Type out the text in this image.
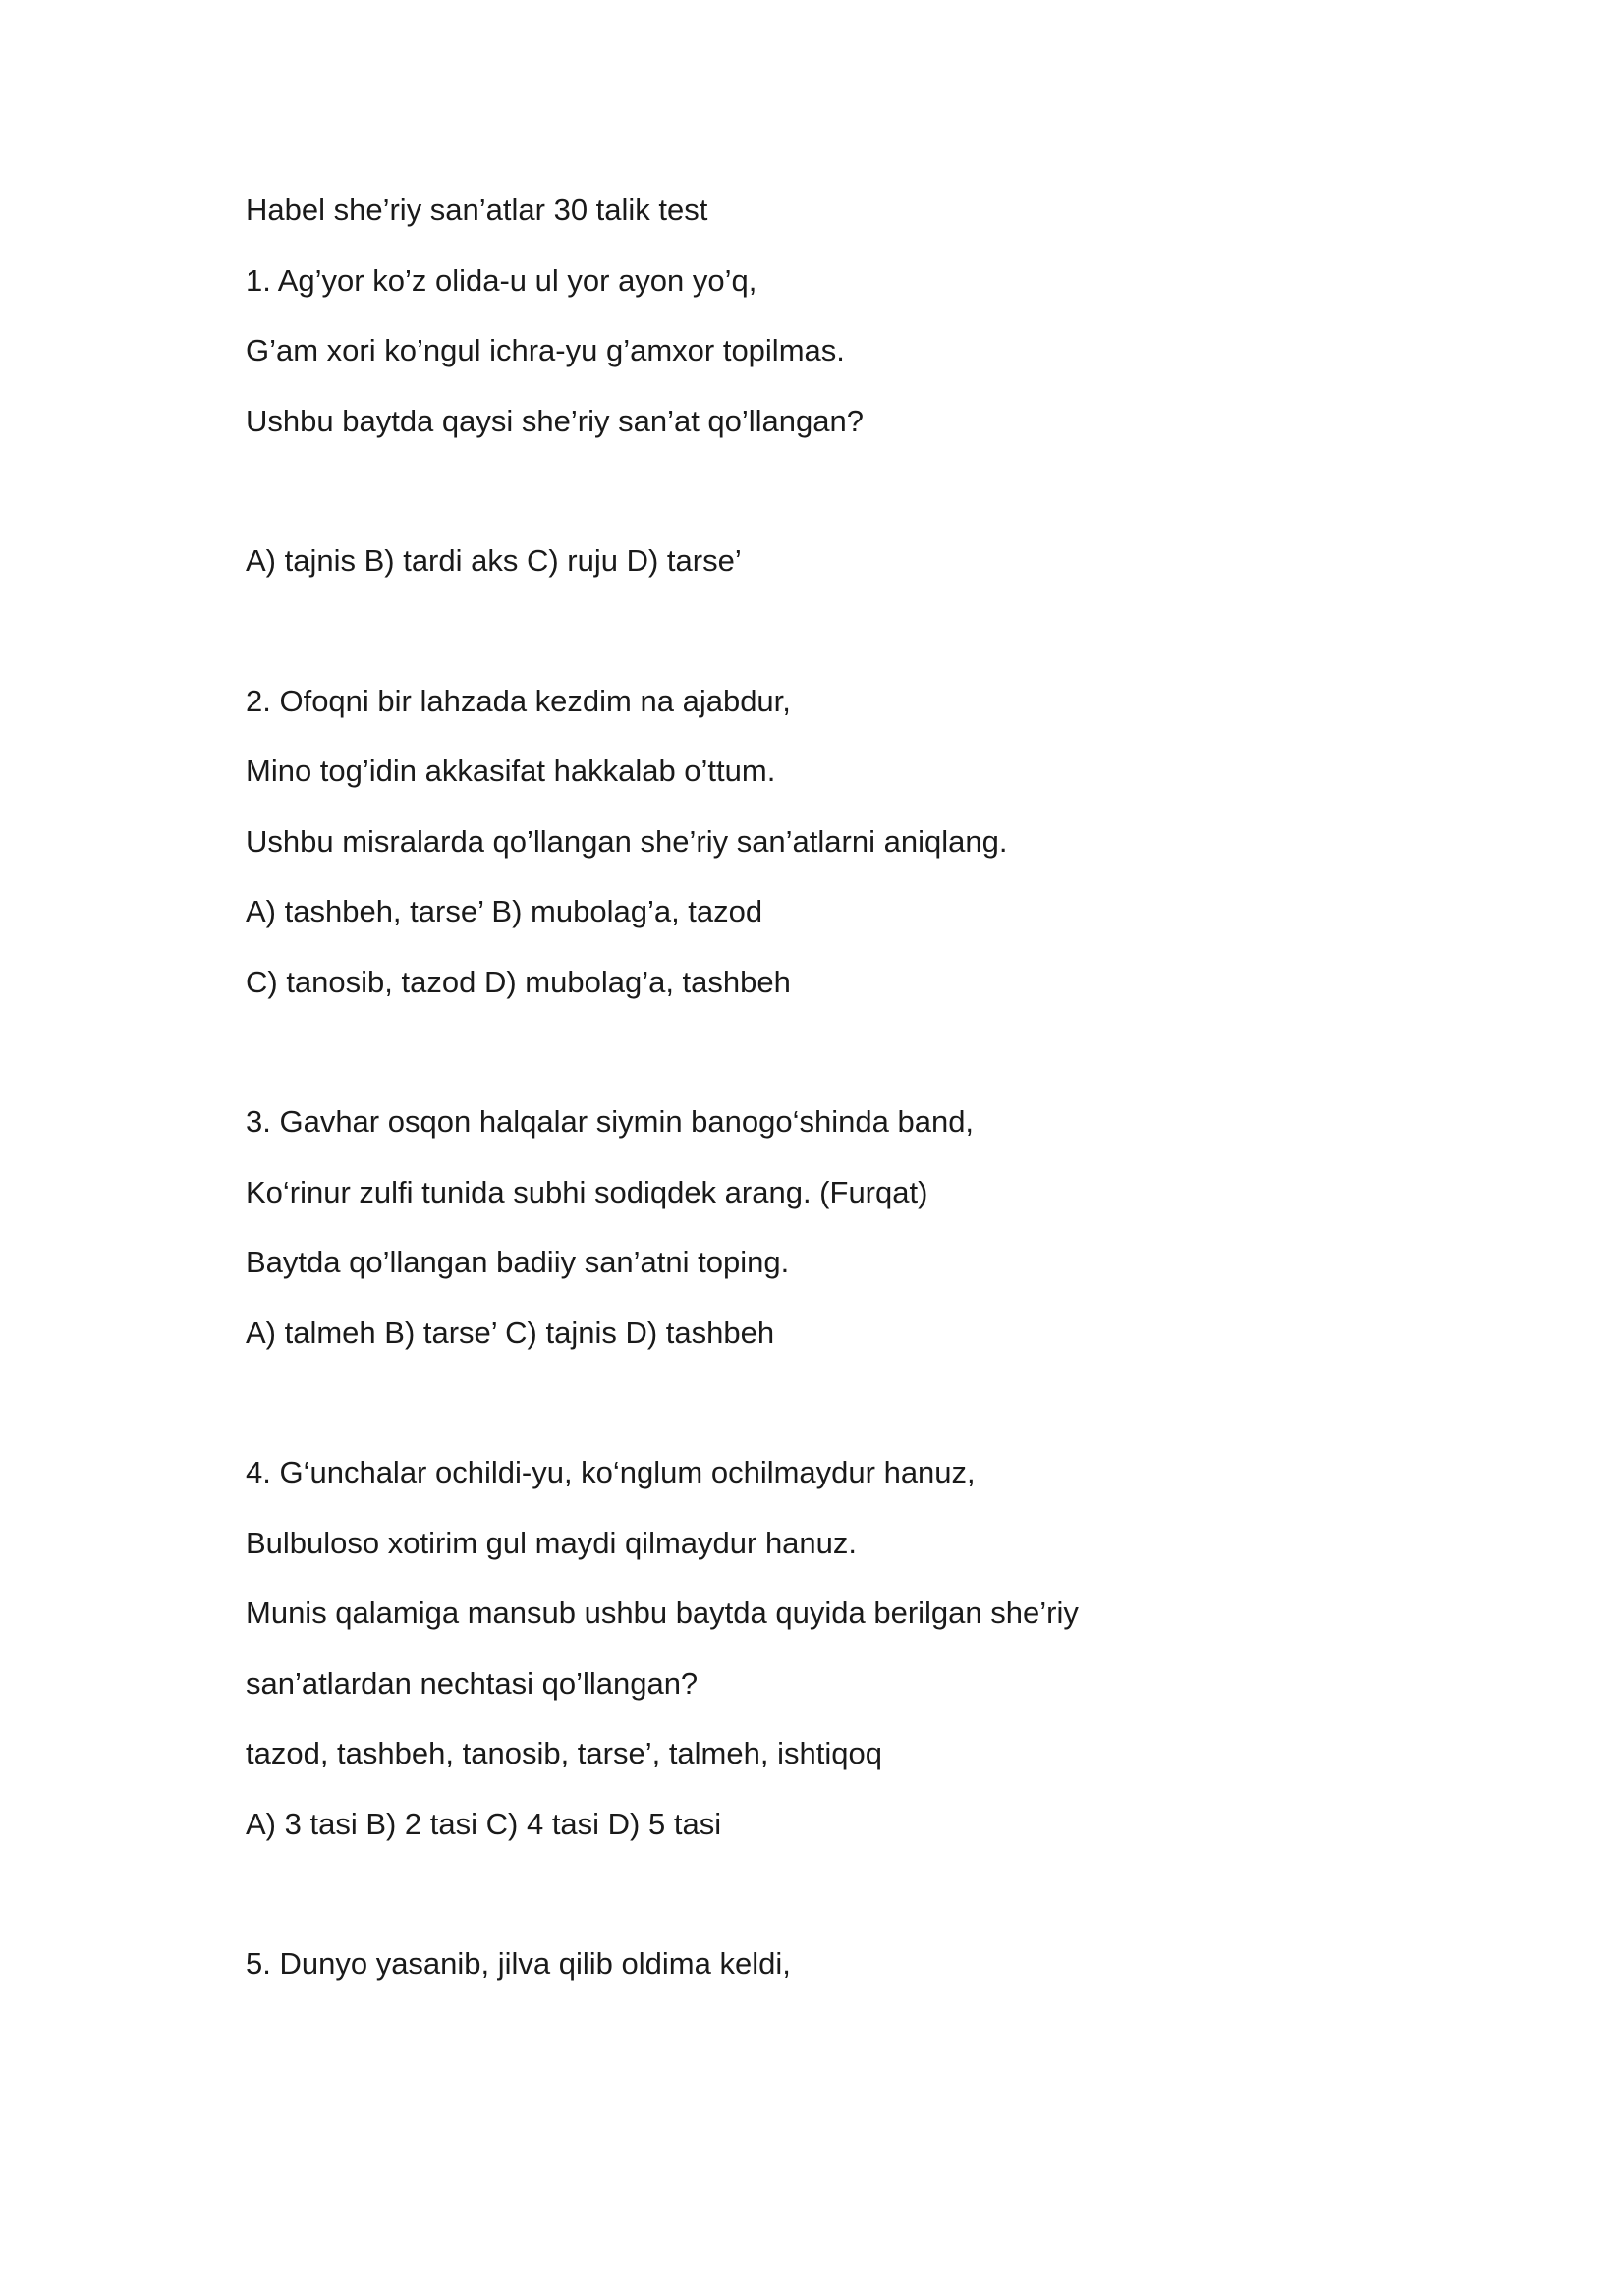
Habel she’riy san’atlar 30 talik test

1. Ag’yor ko’z olida-u ul yor ayon yo’q,

G’am xori ko’ngul ichra-yu g’amxor topilmas.

Ushbu baytda qaysi she’riy san’at qo’llangan?

A) tajnis B) tardi aks C) ruju D) tarse’

2. Ofoqni bir lahzada kezdim na ajabdur,

Mino tog’idin akkasifat hakkalab o’ttum.

Ushbu misralarda qo’llangan she’riy san’atlarni aniqlang.

A) tashbeh, tarse’ B) mubolag’a, tazod

C) tanosib, tazod D) mubolag’a, tashbeh

3. Gavhar osqon halqalar siymin banogo‘shinda band,

Ko‘rinur zulfi tunida subhi sodiqdek arang. (Furqat)

Baytda qo’llangan badiiy san’atni toping.

A) talmeh B) tarse’ C) tajnis D) tashbeh

4. G‘unchalar ochildi-yu, ko‘nglum ochilmaydur hanuz,

Bulbuloso xotirim gul maydi qilmaydur hanuz.

Munis qalamiga mansub ushbu baytda quyida berilgan she’riy

san’atlardan nechtasi qo’llangan?

tazod, tashbeh, tanosib, tarse’, talmeh, ishtiqoq

A) 3 tasi B) 2 tasi C) 4 tasi D) 5 tasi

5. Dunyo yasanib, jilva qilib oldima keldi,
